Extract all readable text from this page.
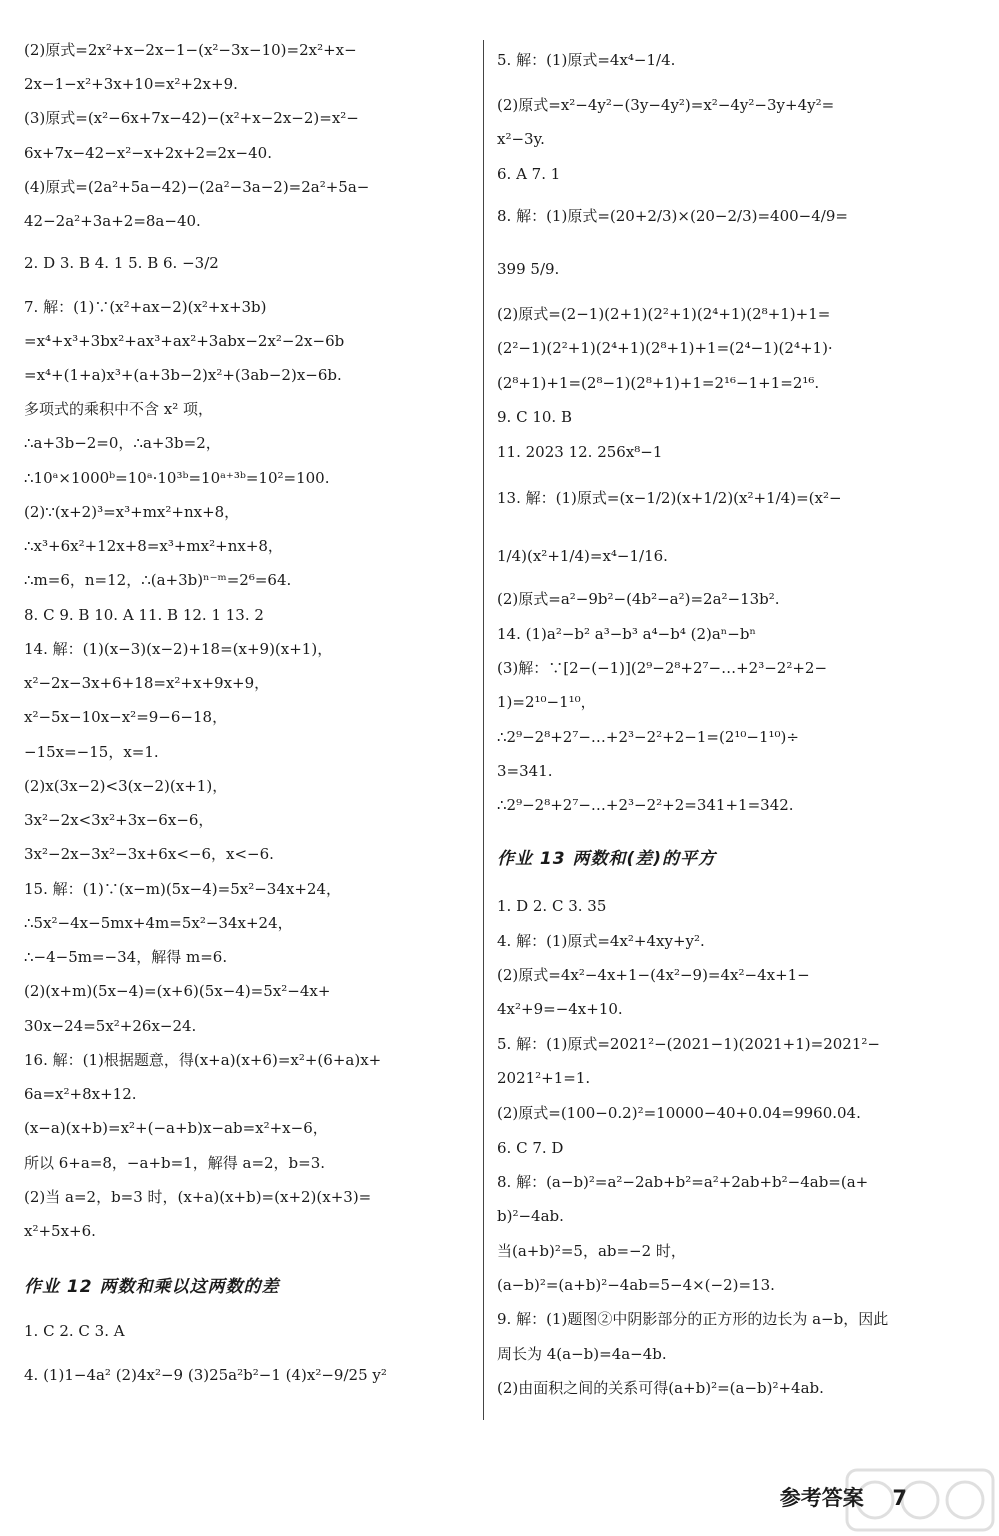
(2)原式=2x²+x−2x−1−(x²−3x−10)=2x²+x−
2x−1−x²+3x+10=x²+2x+9.
(3)原式=(x²−6x+7x−42)−(x²+x−2x−2)=x²−
6x+7x−42−x²−x+2x+2=2x−40.
(4)原式=(2a²+5a−42)−(2a²−3a−2)=2a²+5a−
42−2a²+3a+2=8a−40.
2. D 3. B 4. 1 5. B 6. −3/2
7. 解：(1)∵(x²+ax−2)(x²+x+3b)
=x⁴+x³+3bx²+ax³+ax²+3abx−2x²−2x−6b
=x⁴+(1+a)x³+(a+3b−2)x²+(3ab−2)x−6b.
多项式的乘积中不含 x² 项，
∴a+3b−2=0，∴a+3b=2，
∴10ᵃ×1000ᵇ=10ᵃ·10³ᵇ=10ᵃ⁺³ᵇ=10²=100.
(2)∵(x+2)³=x³+mx²+nx+8，
∴x³+6x²+12x+8=x³+mx²+nx+8，
∴m=6，n=12，∴(a+3b)ⁿ⁻ᵐ=2⁶=64.
8. C 9. B 10. A 11. B 12. 1 13. 2
14. 解：(1)(x−3)(x−2)+18=(x+9)(x+1)，
x²−2x−3x+6+18=x²+x+9x+9，
x²−5x−10x−x²=9−6−18，
−15x=−15，x=1.
(2)x(3x−2)<3(x−2)(x+1)，
3x²−2x<3x²+3x−6x−6，
3x²−2x−3x²−3x+6x<−6，x<−6.
15. 解：(1)∵(x−m)(5x−4)=5x²−34x+24，
∴5x²−4x−5mx+4m=5x²−34x+24，
∴−4−5m=−34，解得 m=6.
(2)(x+m)(5x−4)=(x+6)(5x−4)=5x²−4x+
30x−24=5x²+26x−24.
16. 解：(1)根据题意，得(x+a)(x+6)=x²+(6+a)x+
6a=x²+8x+12.
(x−a)(x+b)=x²+(−a+b)x−ab=x²+x−6，
所以 6+a=8，−a+b=1，解得 a=2，b=3.
(2)当 a=2，b=3 时，(x+a)(x+b)=(x+2)(x+3)=
x²+5x+6.
1. C 2. C 3. A
4. (1)1−4a² (2)4x²−9 (3)25a²b²−1 (4)x²−9/25 y²
作业 12 两数和乘以这两数的差
5. 解：(1)原式=4x⁴−1/4.
(2)原式=x²−4y²−(3y−4y²)=x²−4y²−3y+4y²=
x²−3y.
6. A 7. 1
8. 解：(1)原式=(20+2/3)×(20−2/3)=400−4/9=
399 5/9.
(2)原式=(2−1)(2+1)(2²+1)(2⁴+1)(2⁸+1)+1=
(2²−1)(2²+1)(2⁴+1)(2⁸+1)+1=(2⁴−1)(2⁴+1)·
(2⁸+1)+1=(2⁸−1)(2⁸+1)+1=2¹⁶−1+1=2¹⁶.
9. C 10. B
11. 2023 12. 256x⁸−1
13. 解：(1)原式=(x−1/2)(x+1/2)(x²+1/4)=(x²−
1/4)(x²+1/4)=x⁴−1/16.
(2)原式=a²−9b²−(4b²−a²)=2a²−13b².
14. (1)a²−b² a³−b³ a⁴−b⁴ (2)aⁿ−bⁿ
(3)解：∵[2−(−1)](2⁹−2⁸+2⁷−…+2³−2²+2−
1)=2¹⁰−1¹⁰，
∴2⁹−2⁸+2⁷−…+2³−2²+2−1=(2¹⁰−1¹⁰)÷
3=341.
∴2⁹−2⁸+2⁷−…+2³−2²+2=341+1=342.
1. D 2. C 3. 35
4. 解：(1)原式=4x²+4xy+y².
(2)原式=4x²−4x+1−(4x²−9)=4x²−4x+1−
4x²+9=−4x+10.
5. 解：(1)原式=2021²−(2021−1)(2021+1)=2021²−
2021²+1=1.
(2)原式=(100−0.2)²=10000−40+0.04=9960.04.
6. C 7. D
8. 解：(a−b)²=a²−2ab+b²=a²+2ab+b²−4ab=(a+
b)²−4ab.
当(a+b)²=5，ab=−2 时，
(a−b)²=(a+b)²−4ab=5−4×(−2)=13.
9. 解：(1)题图②中阴影部分的正方形的边长为 a−b，因此
周长为 4(a−b)=4a−4b.
(2)由面积之间的关系可得(a+b)²=(a−b)²+4ab.
作业 13 两数和(差)的平方
参考答案 7
